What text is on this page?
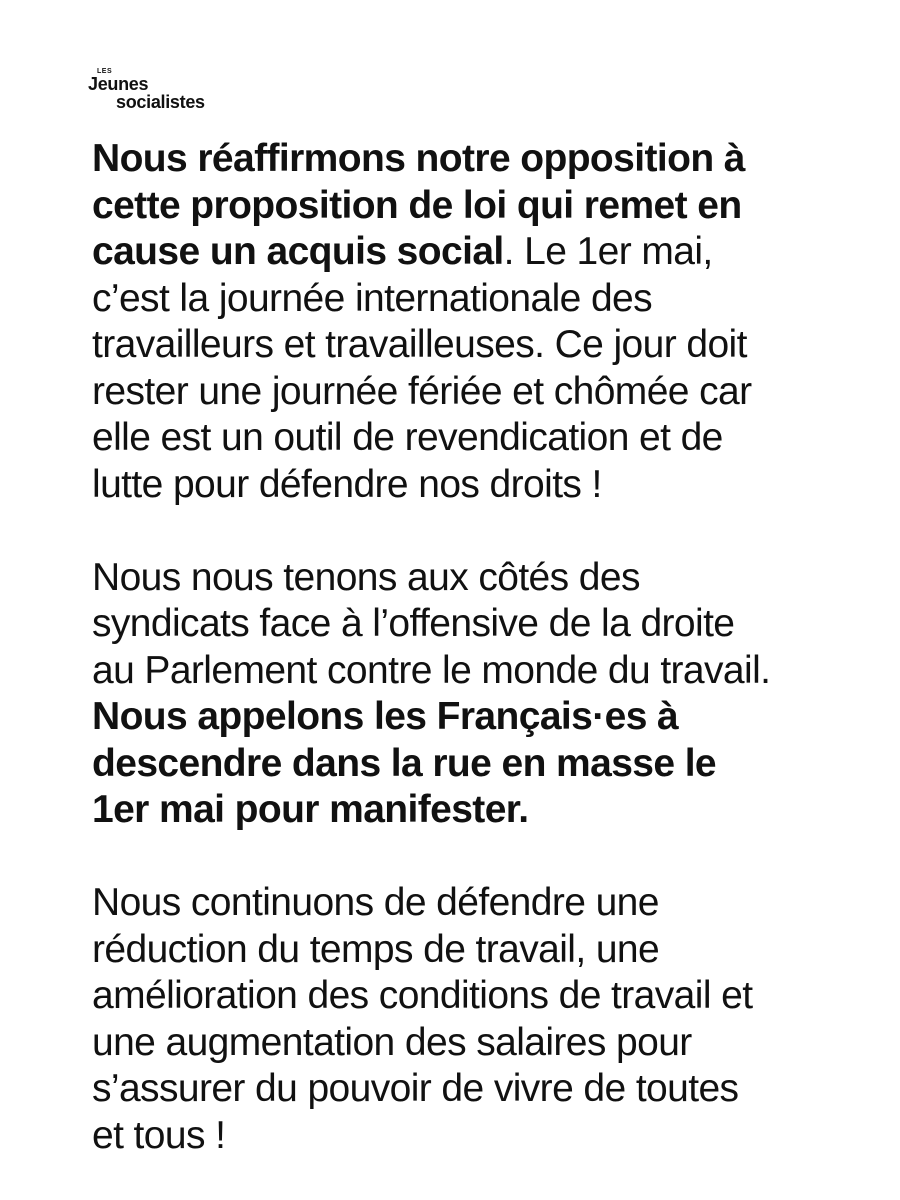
LES
Jeunes
socialistes

Nous réaffirmons notre opposition à
cette proposition de loi qui remet en
cause un acquis social. Le 1er mai,
c’est la journée internationale des
travailleurs et travailleuses. Ce jour doit
rester une journée fériée et chômée car
elle est un outil de revendication et de
lutte pour défendre nos droits !

Nous nous tenons aux côtés des
syndicats face à l’offensive de la droite
au Parlement contre le monde du travail.
Nous appelons les Français·es à
descendre dans la rue en masse le
1er mai pour manifester.

Nous continuons de défendre une
réduction du temps de travail, une
amélioration des conditions de travail et
une augmentation des salaires pour
s’assurer du pouvoir de vivre de toutes
et tous !
